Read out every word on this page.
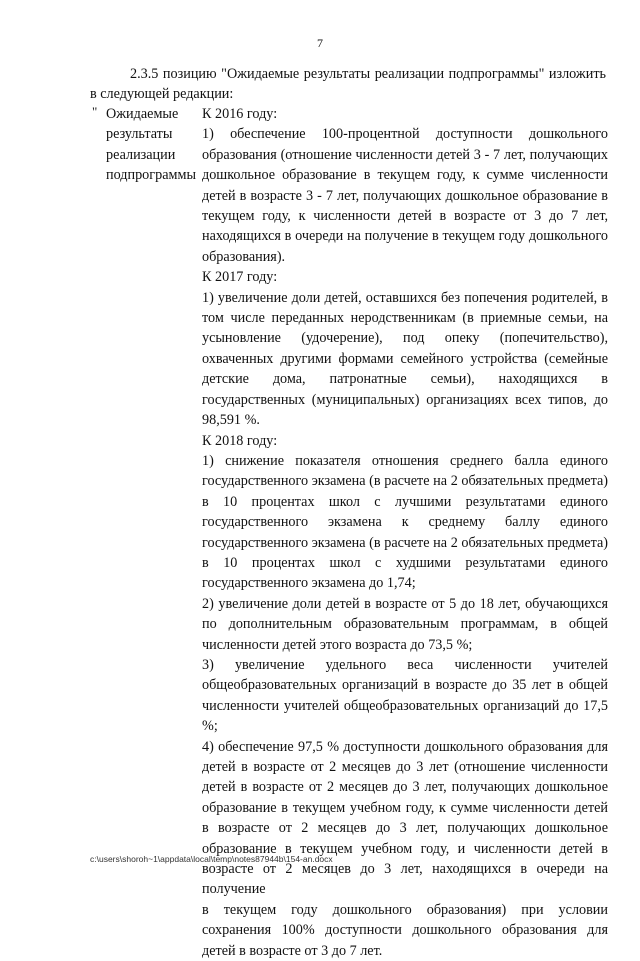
7

2.3.5 позицию "Ожидаемые результаты реализации подпрограммы" изложить в следующей редакции:

" Ожидаемые результаты реализации подпрограммы

К 2016 году:

1) обеспечение 100-процентной доступности дошкольного образования (отношение численности детей 3 - 7 лет, получающих дошкольное образование в текущем году, к сумме численности детей в возрасте 3 - 7 лет, получающих дошкольное образование в текущем году, к численности детей в возрасте от 3 до 7 лет, находящихся в очереди на получение в текущем году дошкольного образования).

К 2017 году:

1) увеличение доли детей, оставшихся без попечения родителей, в том числе переданных неродственникам (в приемные семьи, на усыновление (удочерение), под опеку (попечительство), охваченных другими формами семейного устройства (семейные детские дома, патронатные семьи), находящихся в государственных (муниципальных) организациях всех типов, до 98,591 %.

К 2018 году:

1) снижение показателя отношения среднего балла единого государственного экзамена (в расчете на 2 обязательных предмета) в 10 процентах школ с лучшими результатами единого государственного экзамена к среднему баллу единого государственного экзамена (в расчете на 2 обязательных предмета) в 10 процентах школ с худшими результатами единого государственного экзамена до 1,74;

2) увеличение доли детей в возрасте от 5 до 18 лет, обучающихся по дополнительным образовательным программам, в общей численности детей этого возраста до 73,5 %;

3) увеличение удельного веса численности учителей общеобразовательных организаций в возрасте до 35 лет в общей численности учителей общеобразовательных организаций до 17,5 %;

4) обеспечение 97,5 % доступности дошкольного образования для детей в возрасте от 2 месяцев до 3 лет (отношение численности детей в возрасте от 2 месяцев до 3 лет, получающих дошкольное образование в текущем учебном году, к сумме численности детей в возрасте от 2 месяцев до 3 лет, получающих дошкольное образование в текущем учебном году, и численности детей в возрасте от 2 месяцев до 3 лет, находящихся в очереди на получение

в текущем году дошкольного образования) при условии сохранения 100% доступности дошкольного образования для детей в возрасте от 3 до 7 лет.

c:\users\shoroh~1\appdata\local\temp\notes87944b\154-an.docx
